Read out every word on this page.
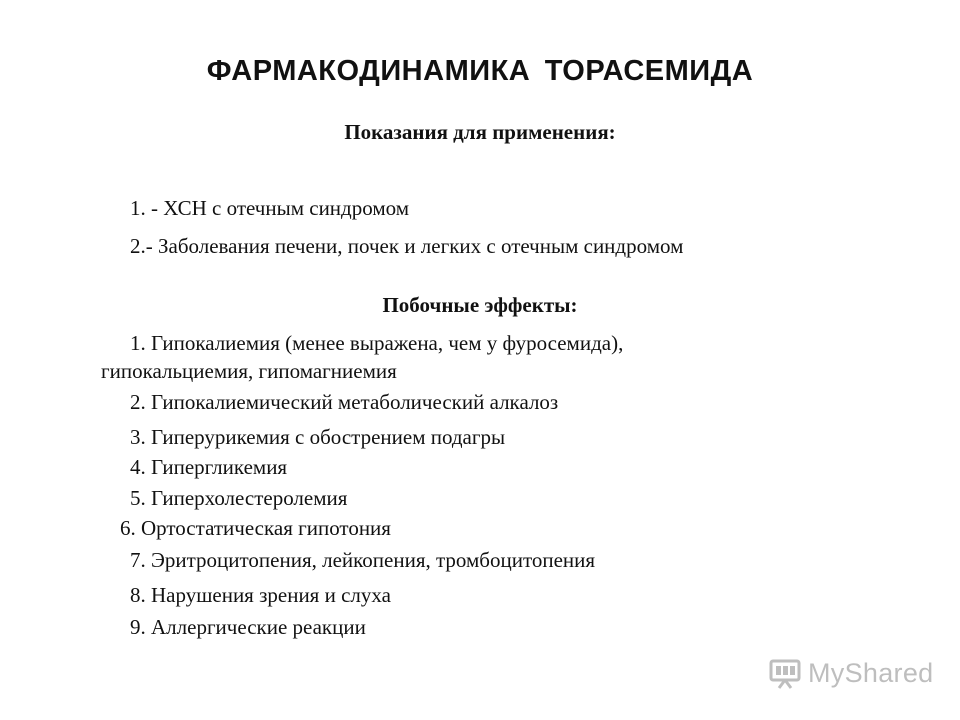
ФАРМАКОДИНАМИКА ТОРАСЕМИДА

Показания для применения:

1. - ХСН с отечным синдромом

2.- Заболевания печени, почек и легких с отечным синдромом

Побочные эффекты:

1. Гипокалиемия (менее выражена, чем у фуросемида),

гипокальциемия, гипомагниемия

2. Гипокалиемический метаболический алкалоз

3. Гиперурикемия с обострением подагры

4. Гипергликемия

5. Гиперхолестеролемия

6. Ортостатическая гипотония

7. Эритроцитопения, лейкопения, тромбоцитопения

8. Нарушения зрения и слуха

9. Аллергические реакции

MyShared
